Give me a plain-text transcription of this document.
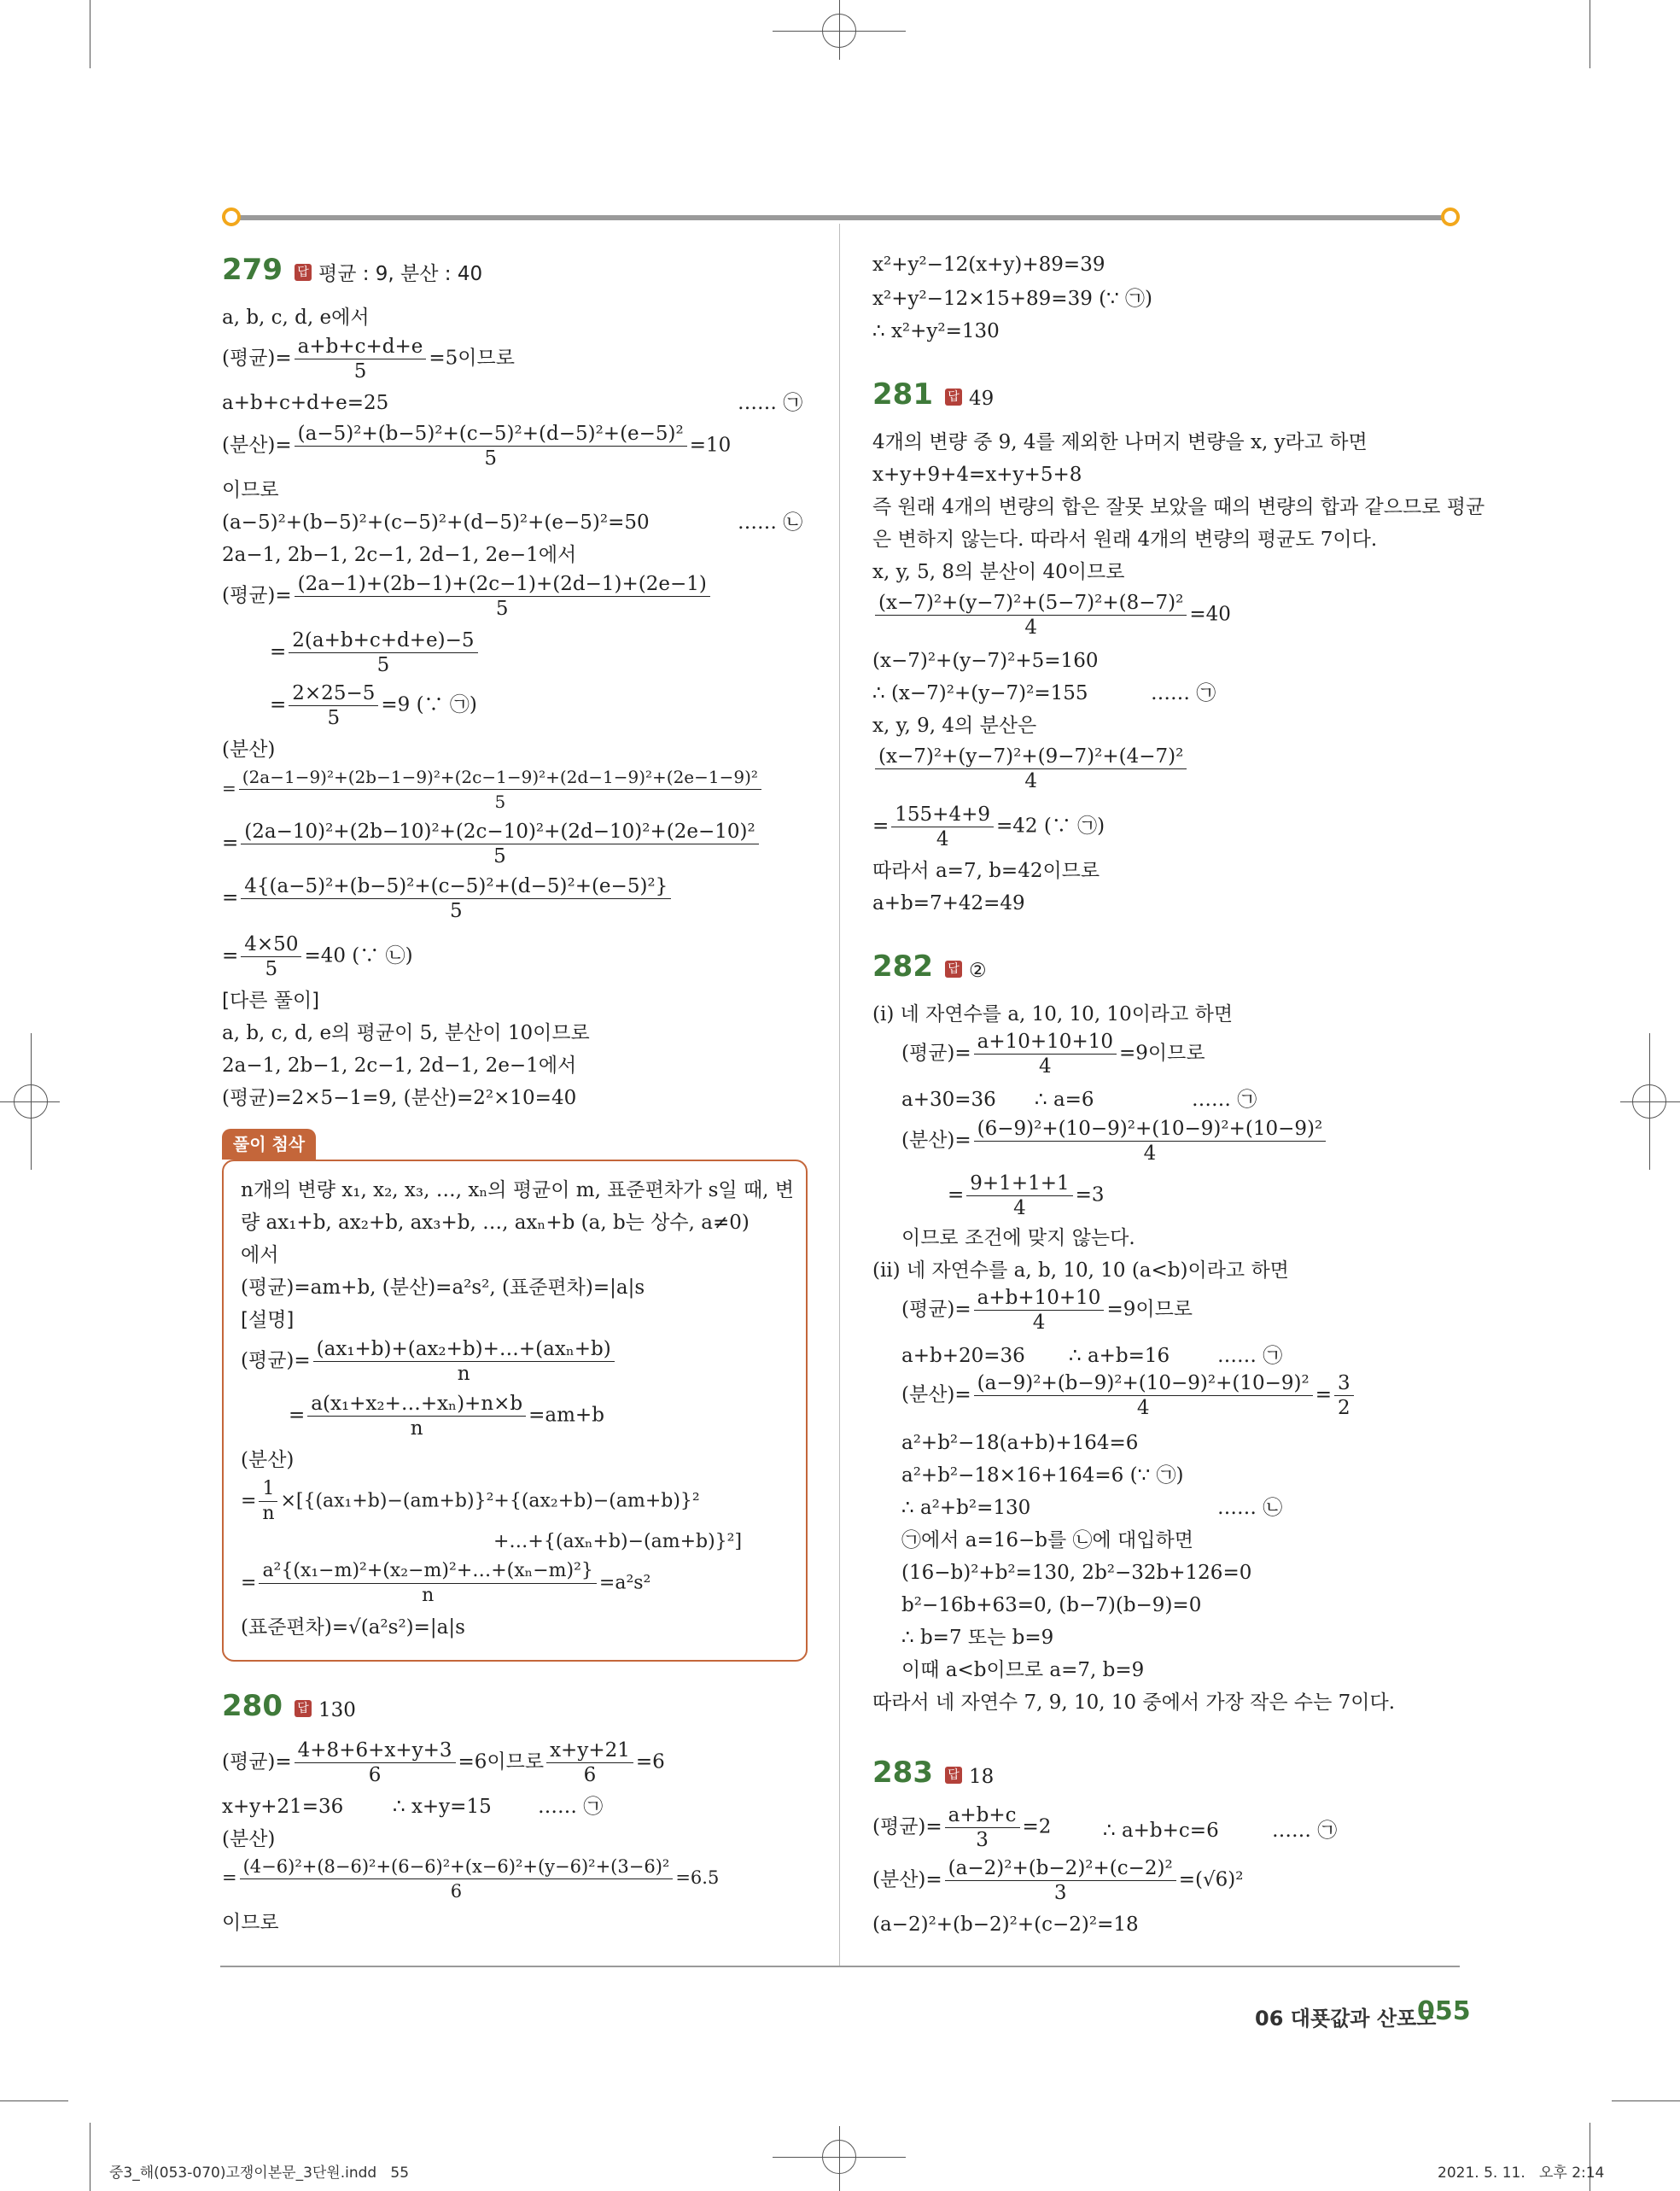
279 답 평균 : 9, 분산 : 40
a, b, c, d, e에서
(평균)= $\frac{a+b+c+d+e}{5} =5$이므로
a+b+c+d+e=25	…… ㉠
(분산)= $\frac{\text{(a−5)²+(b−5)²+(c−5)²+(d−5)²+(e−5)²}}{5} =10$
이므로
(a−5)²+(b−5)²+(c−5)²+(d−5)²+(e−5)²=50	…… ㉡
2a−1, 2b−1, 2c−1, 2d−1, 2e−1에서
(평균)= $\frac{(2a-1)+(2b-1)+(2c-1)+(2d-1)+(2e-1)}{5}$
= $\frac{2(a+b+c+d+e)-5}{5}$
= $\frac{2\times 25-5}{5} =9$ (∵ ㉠)
(분산)
= $\frac{\text{(2a−1−9)²+(2b−1−9)²+(2c−1−9)²+(2d−1−9)²+(2e−1−9)²}}{5}$
= $\frac{\text{(2a−10)²+(2b−10)²+(2c−10)²+(2d−10)²+(2e−10)²}}{5}$
= $\frac{\text{4\{(a−5)²+(b−5)²+(c−5)²+(d−5)²+(e−5)²\}}}{5}$
= $\frac{4\times 50}{5} =40$ (∵ ㉡)
[다른 풀이]
a, b, c, d, e의 평균이 5, 분산이 10이므로
2a−1, 2b−1, 2c−1, 2d−1, 2e−1에서
(평균)=2×5−1=9, (분산)=2²×10=40
풀이 첨삭
n개의 변량 x₁, x₂, x₃, …, xₙ의 평균이 m, 표준편차가 s일 때, 변
량 ax₁+b, ax₂+b, ax₃+b, …, axₙ+b (a, b는 상수, a≠0)
에서
(평균)=am+b, (분산)=a²s², (표준편차)=|a|s
[설명]
(평균)= $\frac{\text{(ax₁+b)+(ax₂+b)+…+(axₙ+b)}}{n}$
= $\frac{\text{a(x₁+x₂+…+xₙ)+n×b}}{n} =am+b$
(분산)
= $\frac{1}{n} \times[\{(ax_1+b)-(am+b)\}^2+\{(ax_2+b)-(am+b)\}^2$
+…+{(axₙ+b)−(am+b)}²]
= $\frac{\text{a²\{(x₁−m)²+(x₂−m)²+…+(xₙ−m)²\}}}{n} =a^2s^2$
(표준편차)=√(a²s²)=|a|s
280 답 130
(평균)= $\frac{4+8+6+x+y+3}{6} =6$이므로 $\frac{x+y+21}{6} =6$
x+y+21=36	∴ x+y=15 …… ㉠
(분산)
= $\frac{\text{(4−6)²+(8−6)²+(6−6)²+(x−6)²+(y−6)²+(3−6)²}}{6} =6.5$
이므로
x²+y²−12(x+y)+89=39
x²+y²−12×15+89=39 (∵ ㉠)
∴ x²+y²=130
281 답 49
4개의 변량 중 9, 4를 제외한 나머지 변량을 x, y라고 하면
x+y+9+4=x+y+5+8
즉 원래 4개의 변량의 합은 잘못 보았을 때의 변량의 합과 같으므로 평균
은 변하지 않는다. 따라서 원래 4개의 변량의 평균도 7이다.
x, y, 5, 8의 분산이 40이므로
$\frac{\text{(x−7)²+(y−7)²+(5−7)²+(8−7)²}}{4} =40$
(x−7)²+(y−7)²+5=160
∴ (x−7)²+(y−7)²=155	…… ㉠
x, y, 9, 4의 분산은
$\frac{\text{(x−7)²+(y−7)²+(9−7)²+(4−7)²}}{4}$
= $\frac{155+4+9}{4} =42$ (∵ ㉠)
따라서 a=7, b=42이므로
a+b=7+42=49
282 답 ②
(ⅰ) 네 자연수를 a, 10, 10, 10이라고 하면
(평균)= $\frac{a+10+10+10}{4} =9$이므로
a+30=36 ∴ a=6	…… ㉠
(분산)= $\frac{\text{(6−9)²+(10−9)²+(10−9)²+(10−9)²}}{4}$
= $\frac{9+1+1+1}{4} =3$
이므로 조건에 맞지 않는다.
(ⅱ) 네 자연수를 a, b, 10, 10 (a<b)이라고 하면
(평균)= $\frac{a+b+10+10}{4} =9$이므로
a+b+20=36 ∴ a+b=16 …… ㉠
(분산)= $\frac{\text{(a−9)²+(b−9)²+(10−9)²+(10−9)²}}{4} = \frac{3}{2}$
a²+b²−18(a+b)+164=6
a²+b²−18×16+164=6 (∵ ㉠)
∴ a²+b²=130	…… ㉡
㉠에서 a=16−b를 ㉡에 대입하면
(16−b)²+b²=130, 2b²−32b+126=0
b²−16b+63=0, (b−7)(b−9)=0
∴ b=7 또는 b=9
이때 a<b이므로 a=7, b=9
따라서 네 자연수 7, 9, 10, 10 중에서 가장 작은 수는 7이다.
283 답 18
(평균)= $\frac{a+b+c}{3} =2$	∴ a+b+c=6	…… ㉠
(분산)= $\frac{\text{(a−2)²+(b−2)²+(c−2)²}}{3} =(√6)^2$
(a−2)²+(b−2)²+(c−2)²=18
06 대푯값과 산포도
055
중3_해(053-070)고쟁이본문_3단원.indd   55	2021. 5. 11.   오후 2:14
